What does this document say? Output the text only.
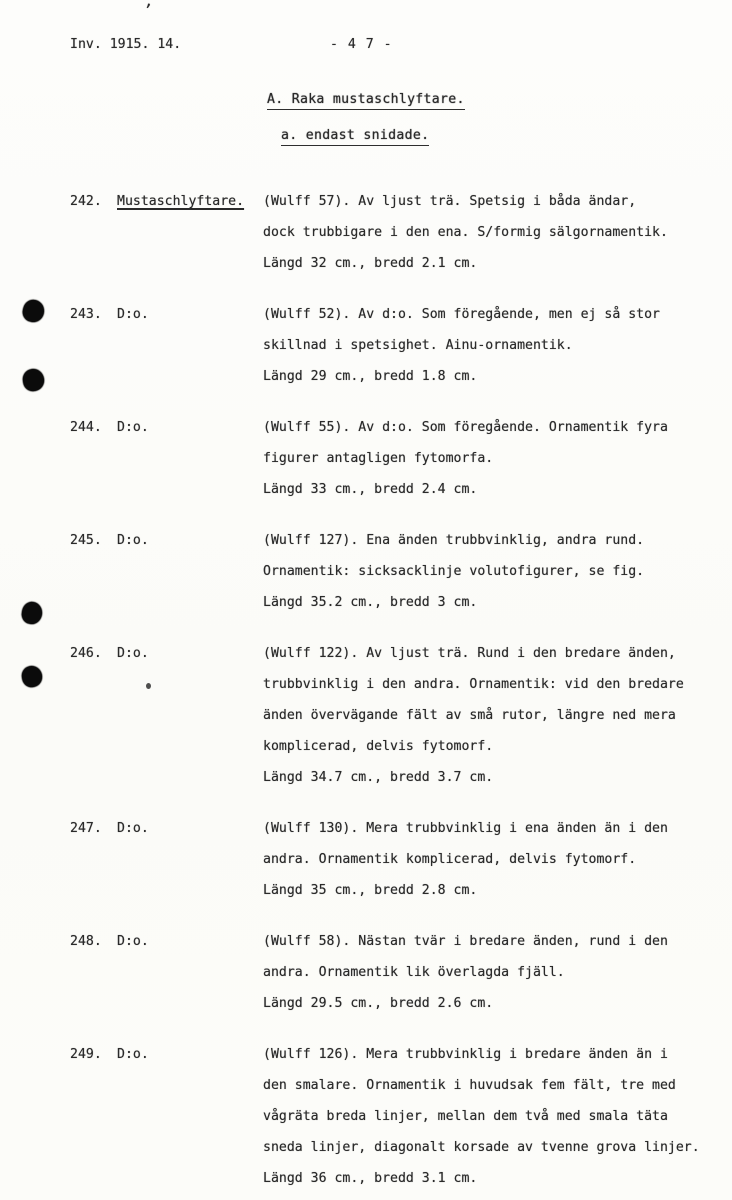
’
Inv. 1915. 14.	- 4 7 -
A. Raka mustaschlyftare.
a. endast snidade.
242.	Mustaschlyftare.	(Wulff 57). Av ljust trä. Spetsig i båda ändar,
dock trubbigare i den ena. S/formig sälgornamentik.
Längd 32 cm., bredd 2.1 cm.
243.	D:o.	(Wulff 52). Av d:o. Som föregående, men ej så stor
skillnad i spetsighet. Ainu-ornamentik.
Längd 29 cm., bredd 1.8 cm.
244.	D:o.	(Wulff 55). Av d:o. Som föregående. Ornamentik fyra
figurer antagligen fytomorfa.
Längd 33 cm., bredd 2.4 cm.
245.	D:o.	(Wulff 127). Ena änden trubbvinklig, andra rund.
Ornamentik: sicksacklinje volutofigurer, se fig.
Längd 35.2 cm., bredd 3 cm.
246.	D:o.	(Wulff 122). Av ljust trä. Rund i den bredare änden,
trubbvinklig i den andra. Ornamentik: vid den bredare
änden övervägande fält av små rutor, längre ned mera
komplicerad, delvis fytomorf.
Längd 34.7 cm., bredd 3.7 cm.
247.	D:o.	(Wulff 130). Mera trubbvinklig i ena änden än i den
andra. Ornamentik komplicerad, delvis fytomorf.
Längd 35 cm., bredd 2.8 cm.
248.	D:o.	(Wulff 58). Nästan tvär i bredare änden, rund i den
andra. Ornamentik lik överlagda fjäll.
Längd 29.5 cm., bredd 2.6 cm.
249.	D:o.	(Wulff 126). Mera trubbvinklig i bredare änden än i
den smalare. Ornamentik i huvudsak fem fält, tre med
vågräta breda linjer, mellan dem två med smala täta
sneda linjer, diagonalt korsade av tvenne grova linjer.
Längd 36 cm., bredd 3.1 cm.
